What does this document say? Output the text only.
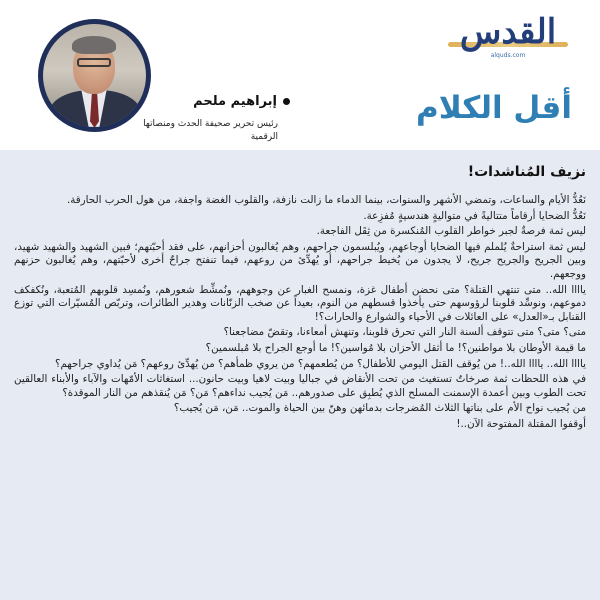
القدس
alquds.com
أقل الكلام
إبراهيم ملحم
رئيس تحرير صحيفة الحدث ومنصاتها الرقمية
نزيف المُناشدات!

نَعُدُّ الأيام والساعات، وتمضي الأشهر والسنوات، بينما الدماء ما زالت نازفة، والقلوب الغضة واجفة، من هول الحرب الحارقة.

نَعُدُّ الضحايا أرقاماً متتاليةً في متواليةٍ هندسيةٍ مُفزِعة.

ليس ثمة فرصةٌ لجبر خواطر القلوب المُنكسرة من ثِقَل الفاجعة.

ليس ثمة استراحةٌ يُلملم فيها الضحايا أوجاعهم، ويُبلسمون جراحهم، وهم يُغالبون أحزانهم، على فقد أحبّتهم؛ فبين الشهيد والشهيد شهيد، وبين الجريح والجريح جريح، لا يجدون من يُخيط جراحهم، أو يُهدِّئ من روعهم، فيما تنفتح جراحٌ أخرى لأحبّتهم، وهم يُغالبون حزنهم ووجعهم.

ياااا الله.. متى تنتهي القتلة؟ متى نحضن أطفال غزة، ونمسح الغبار عن وجوههم، ونُمشِّط شعورهم، ونُمسِد قلوبهم المُتعبة، ونُكفكف دموعهم، ونوسِّد قلوبنا لرؤوسهم حتى يأخذوا قسطهم من النوم، بعيداً عن صخب الزنّانات وهدير الطائرات، وتربّص المُسيّرات التي توزع القنابل بـ«العدل» على العائلات في الأحياء والشوارع والحارات؟!

متى؟ متى؟ متى تتوقف ألسنة النار التي تحرق قلوبنا، وتنهش أمعاءنا، وتقضّ مضاجعنا؟

ما قيمة الأوطان بلا مواطنين؟! ما أثقل الأحزان بلا مُواسين؟! ما أوجع الجراح بلا مُبلسمين؟

ياااا الله.. ياااا الله..! من يُوقف القتل اليومي للأطفال؟ من يُطعمهم؟ من يروي ظمأهم؟ من يُهدِّئ روعهم؟ مَن يُداوي جراحهم؟

في هذه اللحظات ثمة صرخاتٌ تستغيث من تحت الأنقاض في جباليا وبيت لاهيا وبيت حانون... استغاثات الأمّهات والآباء والأبناء العالقين تحت الطوب وبين أعمدة الإسمنت المسلح الذي يُطبِق على صدورهم.. مَن يُجيب نداءهم؟ مَن؟ مَن يُنقذهم من النار الموقدة؟

من يُجيب نواح الأم على بناتها الثلاث المُضرجات بدمائهن وهنّ بين الحياة والموت.. مَن، مَن يُجيب؟

أوقفوا المقتلة المفتوحة الآن..!
